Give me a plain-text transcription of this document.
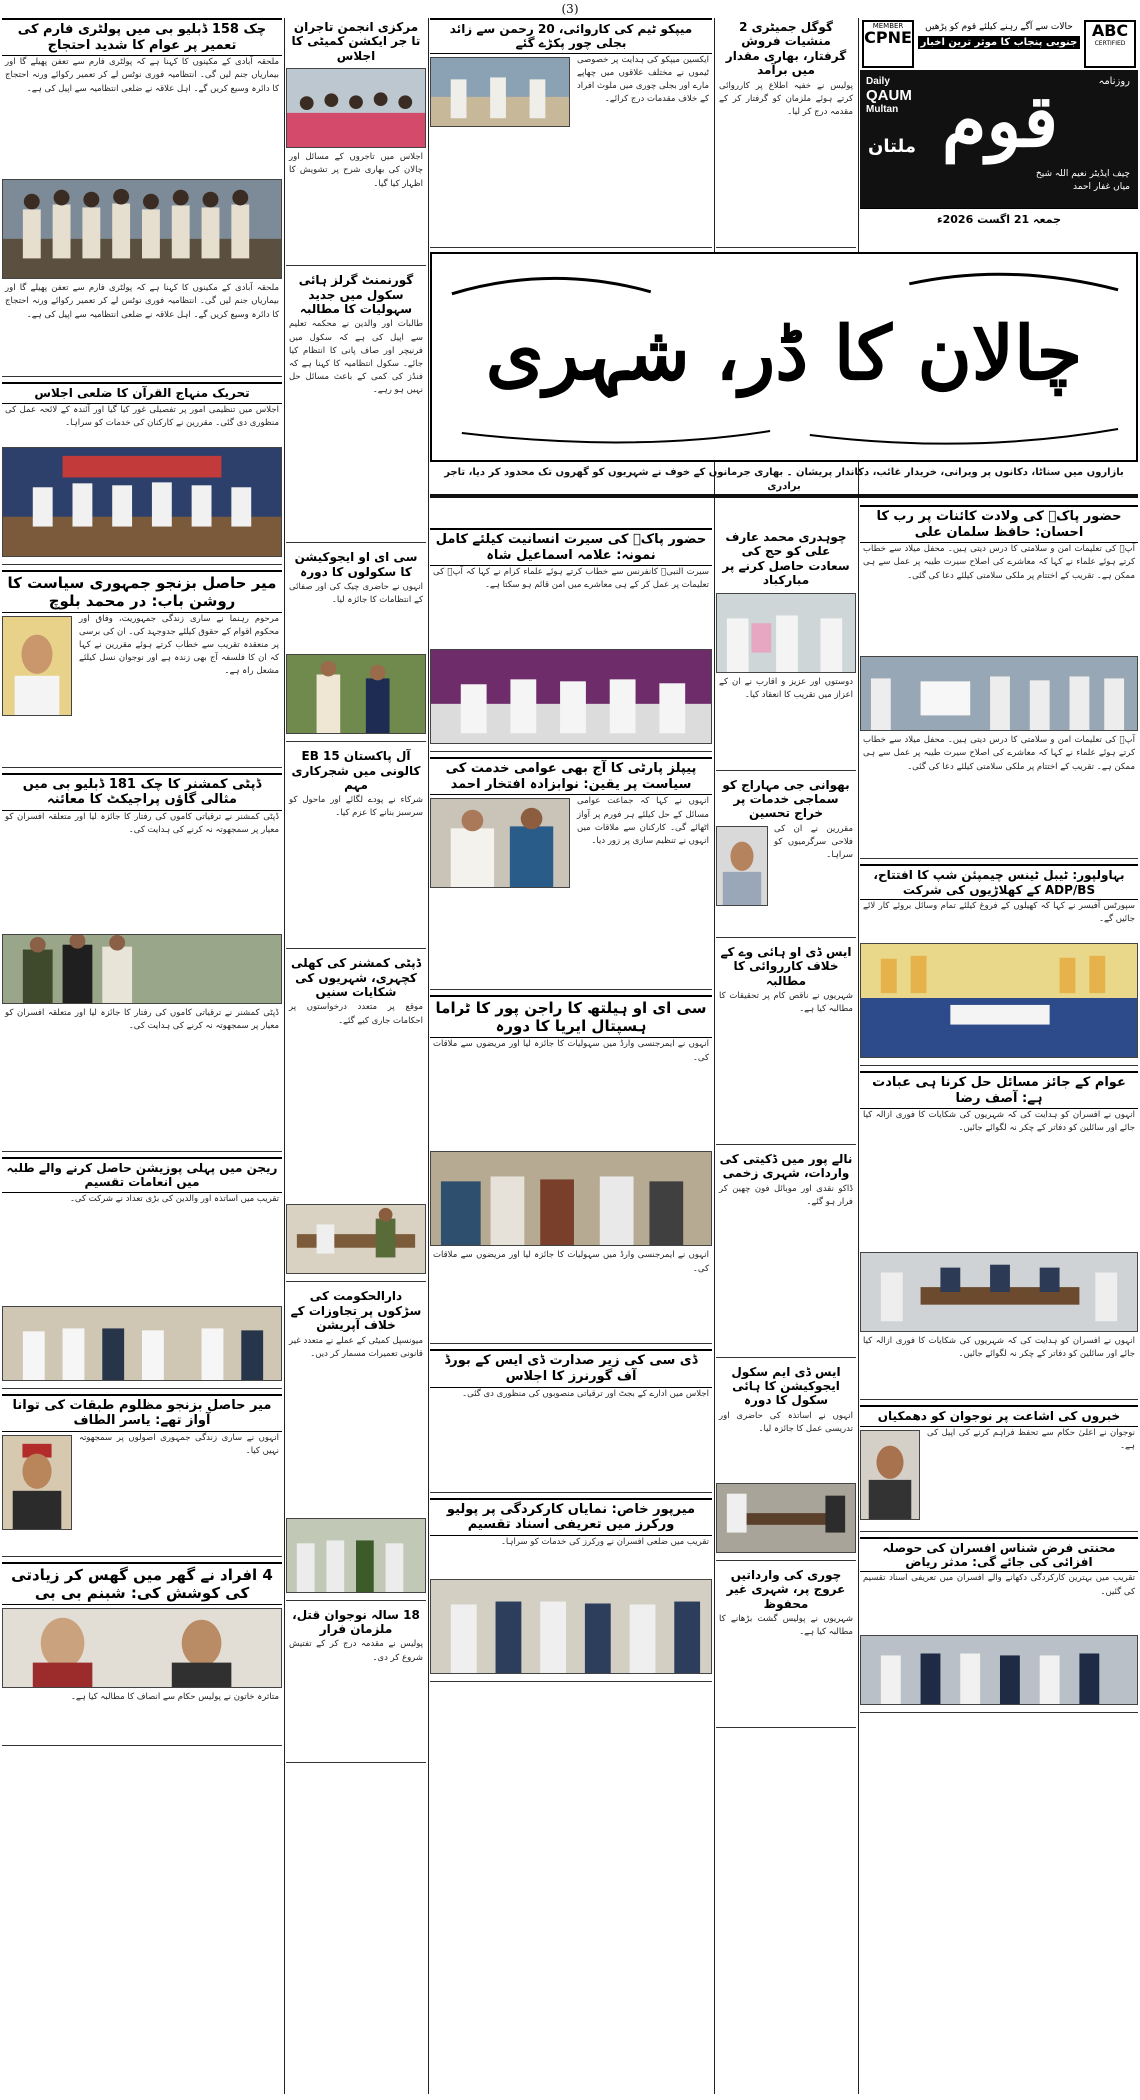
(3)
MEMBER
CPNE
حالات سے آگے رہنے کیلئے قوم کو پڑھیں
جنوبی پنجاب کا موثر ترین اخبار
ABC
CERTIFIED
Daily
QAUM
Multan قوم	روزنامہ
ملتان
چیف ایڈیٹر نعیم اللہ شیخ
میاں غفار احمد
جمعہ 21 اگست 2026ء
چالان کا ڈر، شہری
بازاروں میں سناٹا، دکانوں پر ویرانی، خریدار غائب، دکاندار پریشان ۔ بھاری جرمانوں کے خوف نے شہریوں کو گھروں تک محدود کر دیا، تاجر برادری
چک 158 ڈبلیو بی میں پولٹری فارم کی تعمیر پر عوام کا شدید احتجاج
ملحقہ آبادی کے مکینوں کا کہنا ہے کہ پولٹری فارم سے تعفن پھیلے گا اور بیماریاں جنم لیں گی۔ انتظامیہ فوری نوٹس لے کر تعمیر رکوائے ورنہ احتجاج کا دائرہ وسیع کریں گے۔ اہل علاقہ نے ضلعی انتظامیہ سے اپیل کی ہے۔
ملحقہ آبادی کے مکینوں کا کہنا ہے کہ پولٹری فارم سے تعفن پھیلے گا اور بیماریاں جنم لیں گی۔ انتظامیہ فوری نوٹس لے کر تعمیر رکوائے ورنہ احتجاج کا دائرہ وسیع کریں گے۔ اہل علاقہ نے ضلعی انتظامیہ سے اپیل کی ہے۔
تحریک منہاج القرآن کا ضلعی اجلاس
اجلاس میں تنظیمی امور پر تفصیلی غور کیا گیا اور آئندہ کے لائحہ عمل کی منظوری دی گئی۔ مقررین نے کارکنان کی خدمات کو سراہا۔
میر حاصل بزنجو جمہوری سیاست کا روشن باب: در محمد بلوچ
مرحوم رہنما نے ساری زندگی جمہوریت، وفاق اور محکوم اقوام کے حقوق کیلئے جدوجہد کی۔ ان کی برسی پر منعقدہ تقریب سے خطاب کرتے ہوئے مقررین نے کہا کہ ان کا فلسفہ آج بھی زندہ ہے اور نوجوان نسل کیلئے مشعل راہ ہے۔
ڈپٹی کمشنر کا چک 181 ڈبلیو بی میں مثالی گاؤں پراجیکٹ کا معائنہ
ڈپٹی کمشنر نے ترقیاتی کاموں کی رفتار کا جائزہ لیا اور متعلقہ افسران کو معیار پر سمجھوتہ نہ کرنے کی ہدایت کی۔
ڈپٹی کمشنر نے ترقیاتی کاموں کی رفتار کا جائزہ لیا اور متعلقہ افسران کو معیار پر سمجھوتہ نہ کرنے کی ہدایت کی۔
ریجن میں پہلی پوزیشن حاصل کرنے والے طلبہ میں انعامات تقسیم
تقریب میں اساتذہ اور والدین کی بڑی تعداد نے شرکت کی۔
میر حاصل بزنجو مظلوم طبقات کی توانا آواز تھے: یاسر الطاف
انہوں نے ساری زندگی جمہوری اصولوں پر سمجھوتہ نہیں کیا۔
4 افراد نے گھر میں گھس کر زیادتی کی کوشش کی: شبنم بی بی
متاثرہ خاتون نے پولیس حکام سے انصاف کا مطالبہ کیا ہے۔
مرکزی انجمن تاجران تا جر ایکشن کمیٹی کا اجلاس
اجلاس میں تاجروں کے مسائل اور چالان کی بھاری شرح پر تشویش کا اظہار کیا گیا۔
گورنمنٹ گرلز ہائی سکول میں جدید سہولیات کا مطالبہ
طالبات اور والدین نے محکمہ تعلیم سے اپیل کی ہے کہ سکول میں فرنیچر اور صاف پانی کا انتظام کیا جائے۔ سکول انتظامیہ کا کہنا ہے کہ فنڈز کی کمی کے باعث مسائل حل نہیں ہو رہے۔
سی ای او ایجوکیشن کا سکولوں کا دورہ
انہوں نے حاضری چیک کی اور صفائی کے انتظامات کا جائزہ لیا۔
آل پاکستان EB 15 کالونی میں شجرکاری مہم
شرکاء نے پودے لگائے اور ماحول کو سرسبز بنانے کا عزم کیا۔
ڈپٹی کمشنر کی کھلی کچہری، شہریوں کی شکایات سنیں
موقع پر متعدد درخواستوں پر احکامات جاری کیے گئے۔
دارالحکومت کی سڑکوں پر تجاوزات کے خلاف آپریشن
میونسپل کمیٹی کے عملے نے متعدد غیر قانونی تعمیرات مسمار کر دیں۔
18 سالہ نوجوان قتل، ملزمان فرار
پولیس نے مقدمہ درج کر کے تفتیش شروع کر دی۔
میپکو ٹیم کی کاروائی، 20 رحمن سے زائد بجلی چور پکڑے گئے
ایکسین میپکو کی ہدایت پر خصوصی ٹیموں نے مختلف علاقوں میں چھاپے مارے اور بجلی چوری میں ملوث افراد کے خلاف مقدمات درج کرائے۔
حضور پاکؐ کی سیرت انسانیت کیلئے کامل نمونہ: علامہ اسماعیل شاہ
سیرت النبیؐ کانفرنس سے خطاب کرتے ہوئے علماء کرام نے کہا کہ آپؐ کی تعلیمات پر عمل کر کے ہی معاشرے میں امن قائم ہو سکتا ہے۔
پیپلز پارٹی کا آج بھی عوامی خدمت کی سیاست پر یقین: نوابزادہ افتخار احمد
انہوں نے کہا کہ جماعت عوامی مسائل کے حل کیلئے ہر فورم پر آواز اٹھائے گی۔ کارکنان سے ملاقات میں انہوں نے تنظیم سازی پر زور دیا۔
سی ای او ہیلتھ کا راجن پور کا ٹراما ہسپتال ایریا کا دورہ
انہوں نے ایمرجنسی وارڈ میں سہولیات کا جائزہ لیا اور مریضوں سے ملاقات کی۔
انہوں نے ایمرجنسی وارڈ میں سہولیات کا جائزہ لیا اور مریضوں سے ملاقات کی۔
ڈی سی کی زیر صدارت ڈی ایس کے بورڈ آف گورنرز کا اجلاس
اجلاس میں ادارے کے بجٹ اور ترقیاتی منصوبوں کی منظوری دی گئی۔
میرپور خاص: نمایاں کارکردگی پر پولیو ورکرز میں تعریفی اسناد تقسیم
تقریب میں ضلعی افسران نے ورکرز کی خدمات کو سراہا۔
گوگل جمیٹری 2 منشیات فروش گرفتار، بھاری مقدار میں برآمد
پولیس نے خفیہ اطلاع پر کارروائی کرتے ہوئے ملزمان کو گرفتار کر کے مقدمہ درج کر لیا۔
چوہدری محمد عارف علی کو حج کی سعادت حاصل کرنے پر مبارکباد
دوستوں اور عزیز و اقارب نے ان کے اعزاز میں تقریب کا انعقاد کیا۔
بھوانی جی مہاراج کو سماجی خدمات پر خراج تحسین
مقررین نے ان کی فلاحی سرگرمیوں کو سراہا۔
ایس ڈی او ہائی وے کے خلاف کارروائی کا مطالبہ
شہریوں نے ناقص کام پر تحقیقات کا مطالبہ کیا ہے۔
نالے پور میں ڈکیتی کی واردات، شہری زخمی
ڈاکو نقدی اور موبائل فون چھین کر فرار ہو گئے۔
ایس ڈی ایم سکول ایجوکیشن کا ہائی سکول کا دورہ
انہوں نے اساتذہ کی حاضری اور تدریسی عمل کا جائزہ لیا۔
چوری کی وارداتیں عروج پر، شہری غیر محفوظ
شہریوں نے پولیس گشت بڑھانے کا مطالبہ کیا ہے۔
حضور پاکؐ کی ولادت کائنات پر رب کا احسان: حافظ سلمان علی
آپؐ کی تعلیمات امن و سلامتی کا درس دیتی ہیں۔ محفل میلاد سے خطاب کرتے ہوئے علماء نے کہا کہ معاشرے کی اصلاح سیرت طیبہ پر عمل سے ہی ممکن ہے۔ تقریب کے اختتام پر ملکی سلامتی کیلئے دعا کی گئی۔
آپؐ کی تعلیمات امن و سلامتی کا درس دیتی ہیں۔ محفل میلاد سے خطاب کرتے ہوئے علماء نے کہا کہ معاشرے کی اصلاح سیرت طیبہ پر عمل سے ہی ممکن ہے۔ تقریب کے اختتام پر ملکی سلامتی کیلئے دعا کی گئی۔
بہاولپور: ٹیبل ٹینس چیمپئن شپ کا افتتاح، ADP/BS کے کھلاڑیوں کی شرکت
سپورٹس آفیسر نے کہا کہ کھیلوں کے فروغ کیلئے تمام وسائل بروئے کار لائے جائیں گے۔
عوام کے جائز مسائل حل کرنا ہی عبادت ہے: آصف رضا
انہوں نے افسران کو ہدایت کی کہ شہریوں کی شکایات کا فوری ازالہ کیا جائے اور سائلین کو دفاتر کے چکر نہ لگوائے جائیں۔
انہوں نے افسران کو ہدایت کی کہ شہریوں کی شکایات کا فوری ازالہ کیا جائے اور سائلین کو دفاتر کے چکر نہ لگوائے جائیں۔
خبروں کی اشاعت پر نوجوان کو دھمکیاں
نوجوان نے اعلیٰ حکام سے تحفظ فراہم کرنے کی اپیل کی ہے۔
محنتی فرض شناس افسران کی حوصلہ افزائی کی جائے گی: مدثر ریاض
تقریب میں بہترین کارکردگی دکھانے والے افسران میں تعریفی اسناد تقسیم کی گئیں۔
